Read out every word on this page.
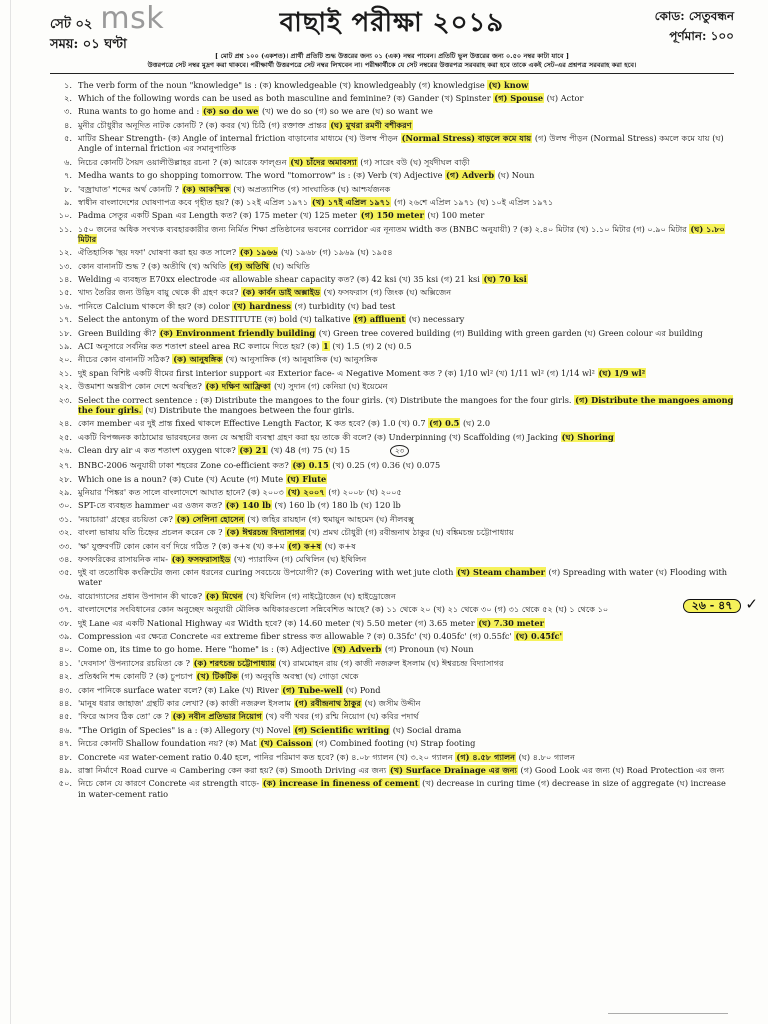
সেট ০২ msk
সময়: ০১ ঘণ্টা
বাছাই পরীক্ষা ২০১৯	কোড: সেতুবন্ধন
পূর্ণমান: ১০০
[ মোট প্রশ্ন ১০০ (একশত)। প্রার্থী প্রতিটি শুদ্ধ উত্তরের জন্য ০১ (এক) নম্বর পাবেন। প্রতিটি ভুল উত্তরের জন্য ০.৫০ নম্বর কাটা যাবে ]
উত্তরপত্রে সেট নম্বর মুদ্রণ করা থাকবে। পরীক্ষার্থী উত্তরপত্রে সেট নম্বর লিখবেন না। পরীক্ষার্থীকে যে সেট নম্বরের উত্তরপত্র সরবরাহ করা হবে তাকে একই সেট-এর প্রশ্নপত্র সরবরাহ করা হবে।
১. The verb form of the noun "knowledge" is : (ক) knowledgeable (খ) knowledgeably (গ) knowledgise (ঘ) know
২. Which of the following words can be used as both masculine and feminine? (ক) Gander (খ) Spinster (গ) Spouse (ঘ) Actor
৩. Runa wants to go home and : (ক) so do we (খ) we do so (গ) so we are (ঘ) so want we
৪. মুনীর চৌধুরীর অনূদিত নাটক কোনটি ? (ক) কবর (খ) চিঠি (গ) রক্তাক্ত প্রান্তর (ঘ) মুখরা রমণী বশীকরণ
৫. মাটির Shear Strength- (ক) Angle of internal friction বাড়ানোর মাধ্যমে (খ) উলম্ব পীড়ন (Normal Stress) বাড়লে কমে যায় (গ) উলম্ব পীড়ন (Normal Stress) কমলে কমে যায় (ঘ) Angle of internal friction এর সমানুপাতিক
৬. নিচের কোনটি সৈয়দ ওয়ালীউল্লাহর রচনা ? (ক) আরেক ফাল্গুন (খ) চাঁদের অমাবস্যা (গ) সারেং বউ (ঘ) সূর্যদীঘল বাড়ী
৭. Medha wants to go shopping tomorrow. The word "tomorrow" is : (ক) Verb (খ) Adjective (গ) Adverb (ঘ) Noun
৮. 'বজ্রাঘাত' শব্দের অর্থ কোনটি ? (ক) আকস্মিক (খ) অপ্রত্যাশিত (গ) সাংঘাতিক (ঘ) আশ্চর্যজনক
৯. স্বাধীন বাংলাদেশের ঘোষণাপত্র কবে গৃহীত হয়? (ক) ১২ই এপ্রিল ১৯৭১ (খ) ১৭ই এপ্রিল ১৯৭১ (গ) ২৬শে এপ্রিল ১৯৭১ (ঘ) ১০ই এপ্রিল ১৯৭১
১০. Padma সেতুর একটি Span এর Length কত? (ক) 175 meter (খ) 125 meter (গ) 150 meter (ঘ) 100 meter
১১. ১৫০ জনের অধিক সংখ্যক ব্যবহারকারীর জন্য নির্মিত শিক্ষা প্রতিষ্ঠানের ভবনের corridor এর নূন্যতম width কত (BNBC অনুযায়ী) ? (ক) ২.৪০ মিটার (খ) ১.১০ মিটার (গ) ০.৯০ মিটার (ঘ) ১.৮০ মিটার
১২. ঐতিহাসিক 'ছয় দফা' ঘোষণা করা হয় কত সালে? (ক) ১৯৬৬ (খ) ১৯৬৮ (গ) ১৯৬৯ (ঘ) ১৯৫৪
১৩. কোন বানানটি শুদ্ধ ? (ক) অতীথি (খ) অথিতি (গ) অতিথি (ঘ) অথিতি
১৪. Welding এ ব্যবহৃত E70xx electrode এর allowable shear capacity কত? (ক) 42 ksi (খ) 35 ksi (গ) 21 ksi (ঘ) 70 ksi
১৫. খাদ্য তৈরির জন্য উদ্ভিদ বায়ু থেকে কী গ্রহণ করে? (ক) কার্বন ডাই অক্সাইড (খ) ফসফরাস (গ) জিংক (ঘ) অক্সিজেন
১৬. পানিতে Calcium থাকলে কী হয়? (ক) color (খ) hardness (গ) turbidity (ঘ) bad test
১৭. Select the antonym of the word DESTITUTE (ক) bold (খ) talkative (গ) affluent (ঘ) necessary
১৮. Green Building কী? (ক) Environment friendly building (খ) Green tree covered building (গ) Building with green garden (ঘ) Green colour এর building
১৯. ACI অনুসারে সর্বনিম্ন কত শতাংশ steel area RC কলামে দিতে হয়? (ক) 1 (খ) 1.5 (গ) 2 (ঘ) 0.5
২০. নীচের কোন বানানটি সঠিক? (ক) আনুষঙ্গিক (খ) আনুসাঙ্গিক (গ) আনুষাঙ্গিক (ঘ) আনুসঙ্গিক
২১. দুই span বিশিষ্ট একটি বীমের first interior support এর Exterior face- এ Negative Moment কত ? (ক) 1/10 wl² (খ) 1/11 wl² (গ) 1/14 wl² (ঘ) 1/9 wl²
২২. উত্তমাশা অন্তরীপ কোন দেশে অবস্থিত? (ক) দক্ষিণ আফ্রিকা (খ) সুদান (গ) কেনিয়া (ঘ) ইয়েমেন
২৩. Select the correct sentence : (ক) Distribute the mangoes to the four girls. (খ) Distribute the mangoes for the four girls. (গ) Distribute the mangoes among the four girls. (ঘ) Distribute the mangoes between the four girls.
২৪. কোন member এর দুই প্রান্ত fixed থাকলে Effective Length Factor, K কত হবে? (ক) 1.0 (খ) 0.7 (গ) 0.5 (ঘ) 2.0
২৫. একটি বিপজ্জনক কাঠামোর ভারবহনের জন্য যে অস্থায়ী ব্যবস্থা গ্রহণ করা হয় তাকে কী বলে? (ক) Underpinning (খ) Scaffolding (গ) Jacking (ঘ) Shoring
২৬. Clean dry air এ কত শতাংশ oxygen থাকে? (ক) 21 (খ) 48 (গ) 75 (ঘ) 15	২৩
২৭. BNBC-2006 অনুযায়ী ঢাকা শহরের Zone co-efficient কত? (ক) 0.15 (খ) 0.25 (গ) 0.36 (ঘ) 0.075
২৮. Which one is a noun? (ক) Cute (খ) Acute (গ) Mute (ঘ) Flute
২৯. মুনিয়ার 'পিঙ্কর' কত সালে বাংলাদেশে আঘাত হানে? (ক) ২০০৩ (খ) ২০০৭ (গ) ২০০৮ (ঘ) ২০০৫
৩০. SPT-তে ব্যবহৃত hammer এর ওজন কত? (ক) 140 lb (খ) 160 lb (গ) 180 lb (ঘ) 120 lb
৩১. 'নয়াচারা' গ্রন্থের রচয়িতা কে? (ক) সেলিনা হোসেন (খ) জহির রায়হান (গ) হুমায়ুন আহমেদ (ঘ) নীলবক্সু
৩২. বাংলা ভাষায় যতি চিহ্নের প্রচলন করেন কে ? (ক) ঈশ্বরচন্দ্র বিদ্যাসাগর (খ) প্রমথ চৌধুরী (গ) রবীন্দ্রনাথ ঠাকুর (ঘ) বঙ্কিমচন্দ্র চট্টোপাধ্যায়
৩৩. 'ক্ষ' যুক্তবর্ণটি কোন কোন বর্ণ দিয়ে গঠিত ? (ক) ক+ষ (খ) ক+ম (গ) ক+ষ (ঘ) ক+ষ
৩৪. ফসফরিকের রাসায়নিক নাম- (ক) ফসফরাসাইড (খ) প্যারাফিন (গ) মেথিলিন (ঘ) ইথিলিন
৩৫. দুই বা ততোধিক কংক্রিটের জন্য কোন ধরনের curing সবচেয়ে উপযোগী? (ক) Covering with wet jute cloth (খ) Steam chamber (গ) Spreading with water (ঘ) Flooding with water
৩৬. বায়োগ্যাসের প্রধান উপাদান কী থাকে? (ক) মিথেন (খ) ইথিলিন (গ) নাইট্রোজেন (ঘ) হাইড্রোজেন
৩৭. বাংলাদেশের সংবিধানের কোন অনুচ্ছেদ অনুযায়ী মৌলিক অধিকারগুলো সন্নিবেশিত আছে? (ক) ১১ থেকে ২০ (খ) ২১ থেকে ৩০ (গ) ৩১ থেকে ৫২ (ঘ) ১ থেকে ১০	২৬ - ৪৭ ✓
৩৮. দুই Lane এর একটি National Highway এর Width হবে? (ক) 14.60 meter (খ) 5.50 meter (গ) 3.65 meter (ঘ) 7.30 meter
৩৯. Compression এর ক্ষেত্রে Concrete এর extreme fiber stress কত allowable ? (ক) 0.35fc' (খ) 0.405fc' (গ) 0.55fc' (ঘ) 0.45fc'
৪০. Come on, its time to go home. Here "home" is : (ক) Adjective (খ) Adverb (গ) Pronoun (ঘ) Noun
৪১. 'দেবদাস' উপন্যাসের রচয়িতা কে ? (ক) শরৎচন্দ্র চট্টোপাধ্যায় (খ) রামমোহন রায় (গ) কাজী নজরুল ইসলাম (ঘ) ঈশ্বরচন্দ্র বিদ্যাসাগর
৪২. প্রতিধ্বনি শব্দ কোনটি ? (ক) চুপচাপ (খ) টিকটিক (গ) অনুবৃত্তি অবস্থা (ঘ) গোড়া থেকে
৪৩. কোন পানিকে surface water বলে? (ক) Lake (খ) River (গ) Tube-well (ঘ) Pond
৪৪. 'মানুষ ধরার জাহাজ' গ্রন্থটি কার লেখা? (ক) কাজী নজরুল ইসলাম (গ) রবীন্দ্রনাথ ঠাকুর (ঘ) জসীম উদ্দীন
৪৫. 'ফিরে আসব ঠিক তো' কে ? (ক) নবীন প্রতিভার নিয়োগ (খ) বর্ণী খবর (গ) রশ্মি নিয়োগ (ঘ) কবির পদার্থ
৪৬. "The Origin of Species" is a : (ক) Allegory (খ) Novel (গ) Scientific writing (ঘ) Social drama
৪৭. নিচের কোনটি Shallow foundation নয়? (ক) Mat (খ) Caisson (গ) Combined footing (ঘ) Strap footing
৪৮. Concrete এর water-cement ratio 0.40 হলে, পানির পরিমাণ কত হবে? (ক) ৪.০৮ গ্যালন (খ) ৩.২০ গ্যালন (গ) ৪.৫৮ গ্যালন (ঘ) ৪.৮০ গ্যালন
৪৯. রাস্তা নির্মাণে Road curve এ Cambering কেন করা হয়? (ক) Smooth Driving এর জন্য (খ) Surface Drainage এর জন্য (গ) Good Look এর জন্য (ঘ) Road Protection এর জন্য
৫০. নিচে কোন যে কারণে Concrete এর strength বাড়ে- (ক) increase in fineness of cement (খ) decrease in curing time (গ) decrease in size of aggregate (ঘ) increase in water-cement ratio
